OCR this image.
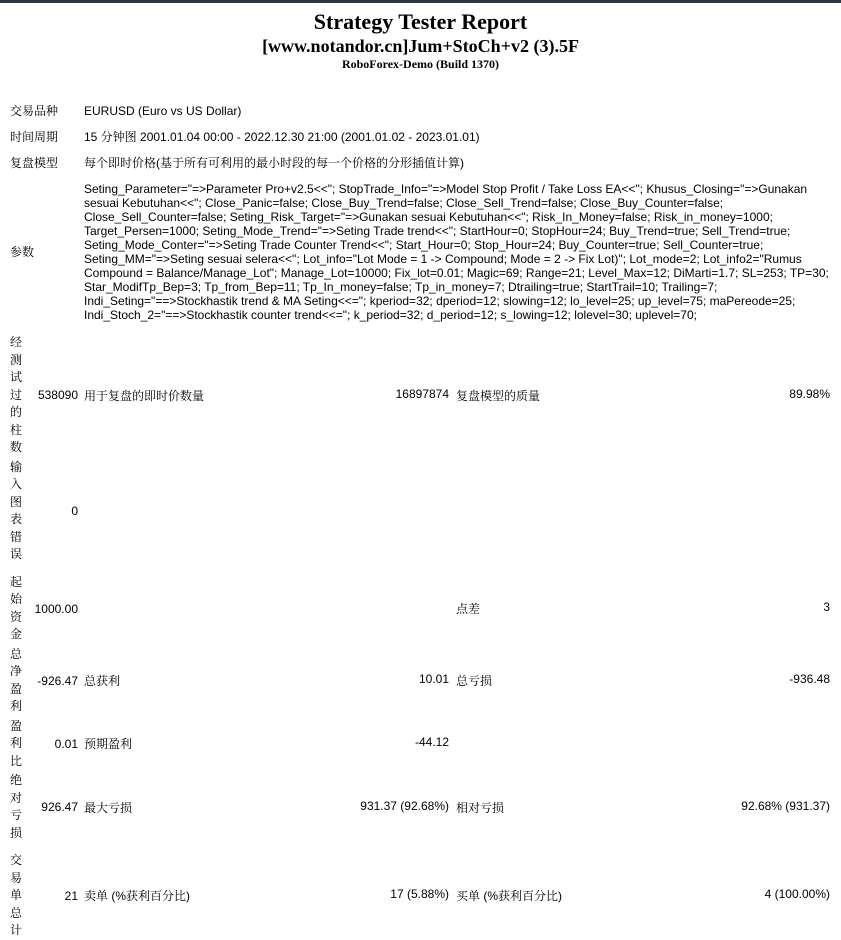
Strategy Tester Report
[www.notandor.cn]Jum+StoCh+v2 (3).5F
RoboForex-Demo (Build 1370)
交易品种	EURUSD (Euro vs US Dollar)
时间周期	15 分钟图 2001.01.04 00:00 - 2022.12.30 21:00 (2001.01.02 - 2023.01.01)
复盘模型	每个即时价格(基于所有可利用的最小时段的每一个价格的分形插值计算)
参数
Seting_Parameter="=>Parameter Pro+v2.5<<"; StopTrade_Info="=>Model Stop Profit / Take Loss EA<<"; Khusus_Closing="=>Gunakan sesuai Kebutuhan<<"; Close_Panic=false; Close_Buy_Trend=false; Close_Sell_Trend=false; Close_Buy_Counter=false; Close_Sell_Counter=false; Seting_Risk_Target="=>Gunakan sesuai Kebutuhan<<"; Risk_In_Money=false; Risk_in_money=1000; Target_Persen=1000; Seting_Mode_Trend="=>Seting Trade trend<<"; StartHour=0; StopHour=24; Buy_Trend=true; Sell_Trend=true; Seting_Mode_Conter="=>Seting Trade Counter Trend<<"; Start_Hour=0; Stop_Hour=24; Buy_Counter=true; Sell_Counter=true; Seting_MM="=>Seting sesuai selera<<"; Lot_info="Lot Mode = 1 -> Compound; Mode = 2 -> Fix Lot)"; Lot_mode=2; Lot_info2="Rumus Compound = Balance/Manage_Lot"; Manage_Lot=10000; Fix_lot=0.01; Magic=69; Range=21; Level_Max=12; DiMarti=1.7; SL=253; TP=30; Star_ModifTp_Bep=3; Tp_from_Bep=11; Tp_In_money=false; Tp_in_money=7; Dtrailing=true; StartTrail=10; Trailing=7; Indi_Seting="==>Stockhastik trend & MA Seting<<="; kperiod=32; dperiod=12; slowing=12; lo_level=25; up_level=75; maPereode=25; Indi_Stoch_2="==>Stockhastik counter trend<<="; k_period=32; d_period=12; s_lowing=12; lolevel=30; uplevel=70;
经测试过的柱数
538090 用于复盘的即时价数量	16897874 复盘模型的质量	89.98%
输入图表错误
0
起始资金
1000.00	点差	3
总净盈利
-926.47 总获利	10.01 总亏损	-936.48
盈利比
0.01 预期盈利	-44.12
绝对亏损
926.47 最大亏损	931.37 (92.68%) 相对亏损	92.68% (931.37)
交易单总计
21 卖单 (%获利百分比)	17 (5.88%) 买单 (%获利百分比)	4 (100.00%)
